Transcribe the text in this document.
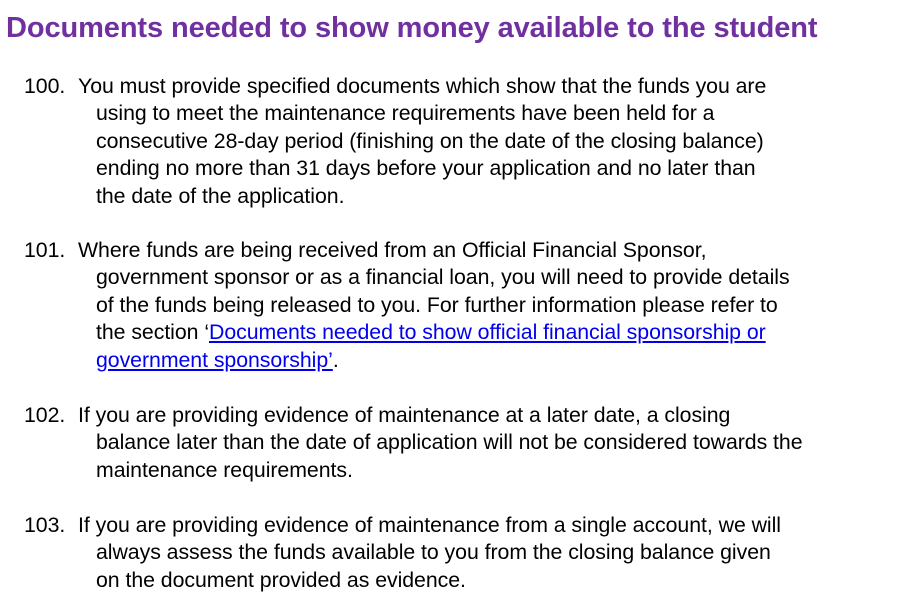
Documents needed to show money available to the student
100. You must provide specified documents which show that the funds you are
using to meet the maintenance requirements have been held for a
consecutive 28-day period (finishing on the date of the closing balance)
ending no more than 31 days before your application and no later than
the date of the application.
101. Where funds are being received from an Official Financial Sponsor,
government sponsor or as a financial loan, you will need to provide details
of the funds being released to you. For further information please refer to
the section ‘Documents needed to show official financial sponsorship or
government sponsorship’.
102. If you are providing evidence of maintenance at a later date, a closing
balance later than the date of application will not be considered towards the
maintenance requirements.
103. If you are providing evidence of maintenance from a single account, we will
always assess the funds available to you from the closing balance given
on the document provided as evidence.
